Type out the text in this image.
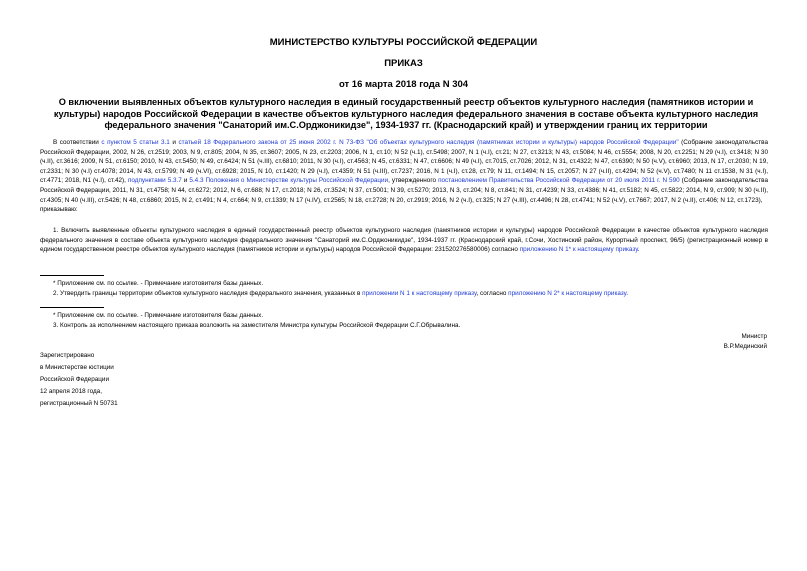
МИНИСТЕРСТВО КУЛЬТУРЫ РОССИЙСКОЙ ФЕДЕРАЦИИ
ПРИКАЗ
от 16 марта 2018 года N 304
О включении выявленных объектов культурного наследия в единый государственный реестр объектов культурного наследия (памятников истории и культуры) народов Российской Федерации в качестве объектов культурного наследия федерального значения в составе объекта культурного наследия федерального значения "Санаторий им.С.Орджоникидзе", 1934-1937 гг. (Краснодарский край) и утверждении границ их территории
В соответствии с пунктом 5 статьи 3.1 и статьей 18 Федерального закона от 25 июня 2002 г. N 73-ФЗ "Об объектах культурного наследия (памятниках истории и культуры) народов Российской Федерации" (Собрание законодательства Российской Федерации, 2002, N 26, ст.2519; 2003, N 9, ст.805; 2004, N 35, ст.3607; 2005, N 23, ст.2203; 2006, N 1, ст.10; N 52 (ч.1), ст.5498; 2007, N 1 (ч.I), ст.21; N 27, ст.3213; N 43, ст.5084; N 46, ст.5554; 2008, N 20, ст.2251; N 29 (ч.I), ст.3418; N 30 (ч.II), ст.3616; 2009, N 51, ст.6150; 2010, N 43, ст.5450; N 49, ст.6424; N 51 (ч.III), ст.6810; 2011, N 30 (ч.I), ст.4563; N 45, ст.6331; N 47, ст.6606; N 49 (ч.I), ст.7015, ст.7026; 2012, N 31, ст.4322; N 47, ст.6390; N 50 (ч.V), ст.6960; 2013, N 17, ст.2030; N 19, ст.2331; N 30 (ч.I) ст.4078; 2014, N 43, ст.5799; N 49 (ч.VI), ст.6928; 2015, N 10, ст.1420; N 29 (ч.I), ст.4359; N 51 (ч.III), ст.7237; 2016, N 1 (ч.I), ст.28, ст.79; N 11, ст.1494; N 15, ст.2057; N 27 (ч.II), ст.4294; N 52 (ч.V), ст.7480; N 11 ст.1538, N 31 (ч.I), ст.4771; 2018, N1 (ч.I), ст.42), подпунктами 5.3.7 и 5.4.3 Положения о Министерстве культуры Российской Федерации, утвержденного постановлением Правительства Российской Федерации от 20 июля 2011 г. N 590 (Собрание законодательства Российской Федерации, 2011, N 31, ст.4758; N 44, ст.6272; 2012, N 6, ст.688; N 17, ст.2018; N 26, ст.3524; N 37, ст.5001; N 39, ст.5270; 2013, N 3, ст.204; N 8, ст.841; N 31, ст.4239; N 33, ст.4386; N 41, ст.5182; N 45, ст.5822; 2014, N 9, ст.909; N 30 (ч.II), ст.4305; N 40 (ч.III), ст.5426; N 48, ст.6860; 2015, N 2, ст.491; N 4, ст.664; N 9, ст.1339; N 17 (ч.IV), ст.2565; N 18, ст.2728; N 20, ст.2919; 2016, N 2 (ч.I), ст.325; N 27 (ч.III), ст.4496; N 28, ст.4741; N 52 (ч.V), ст.7667; 2017, N 2 (ч.II), ст.406; N 12, ст.1723),
приказываю:
1. Включить выявленные объекты культурного наследия в единый государственный реестр объектов культурного наследия (памятников истории и культуры) народов Российской Федерации в качестве объектов культурного наследия федерального значения в составе объекта культурного наследия федерального значения "Санаторий им.С.Орджоникидзе", 1934-1937 гг. (Краснодарский край, г.Сочи, Хостинский район, Курортный проспект, 96/5) (регистрационный номер в едином государственном реестре объектов культурного наследия (памятников истории и культуры) народов Российской Федерации: 231520276580006) согласно приложению N 1* к настоящему приказу.
* Приложение см. по ссылке. - Примечание изготовителя базы данных.
2. Утвердить границы территории объектов культурного наследия федерального значения, указанных в приложении N 1 к настоящему приказу, согласно приложению N 2* к настоящему приказу.
* Приложение см. по ссылке. - Примечание изготовителя базы данных.
3. Контроль за исполнением настоящего приказа возложить на заместителя Министра культуры Российской Федерации С.Г.Обрывалина.
Министр
В.Р.Мединский
Зарегистрировано
в Министерстве юстиции
Российской Федерации
12 апреля 2018 года,
регистрационный N 50731
